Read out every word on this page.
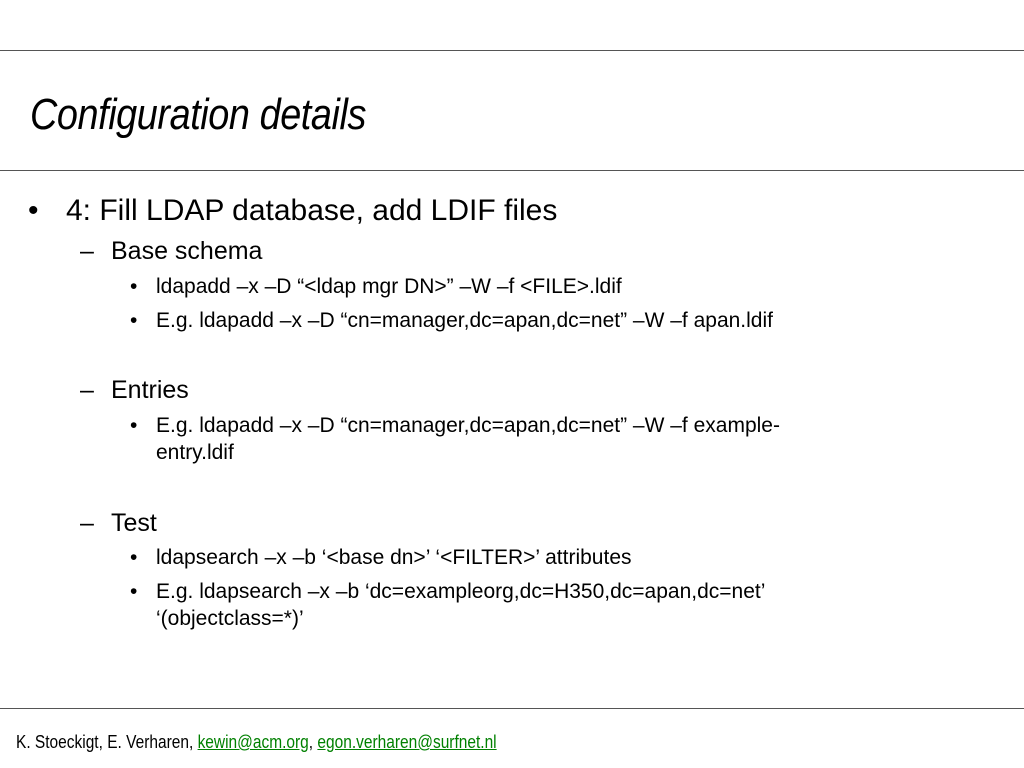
Configuration details
• 4: Fill LDAP database, add LDIF files
– Base schema
• ldapadd –x –D “<ldap mgr DN>” –W –f <FILE>.ldif
• E.g. ldapadd –x –D “cn=manager,dc=apan,dc=net” –W –f apan.ldif
– Entries
• E.g. ldapadd –x –D “cn=manager,dc=apan,dc=net” –W –f example-
entry.ldif
– Test
• ldapsearch –x –b ‘<base dn>’ ‘<FILTER>’ attributes
• E.g. ldapsearch –x –b ‘dc=exampleorg,dc=H350,dc=apan,dc=net’
‘(objectclass=*)’
K. Stoeckigt, E. Verharen, kewin@acm.org, egon.verharen@surfnet.nl
